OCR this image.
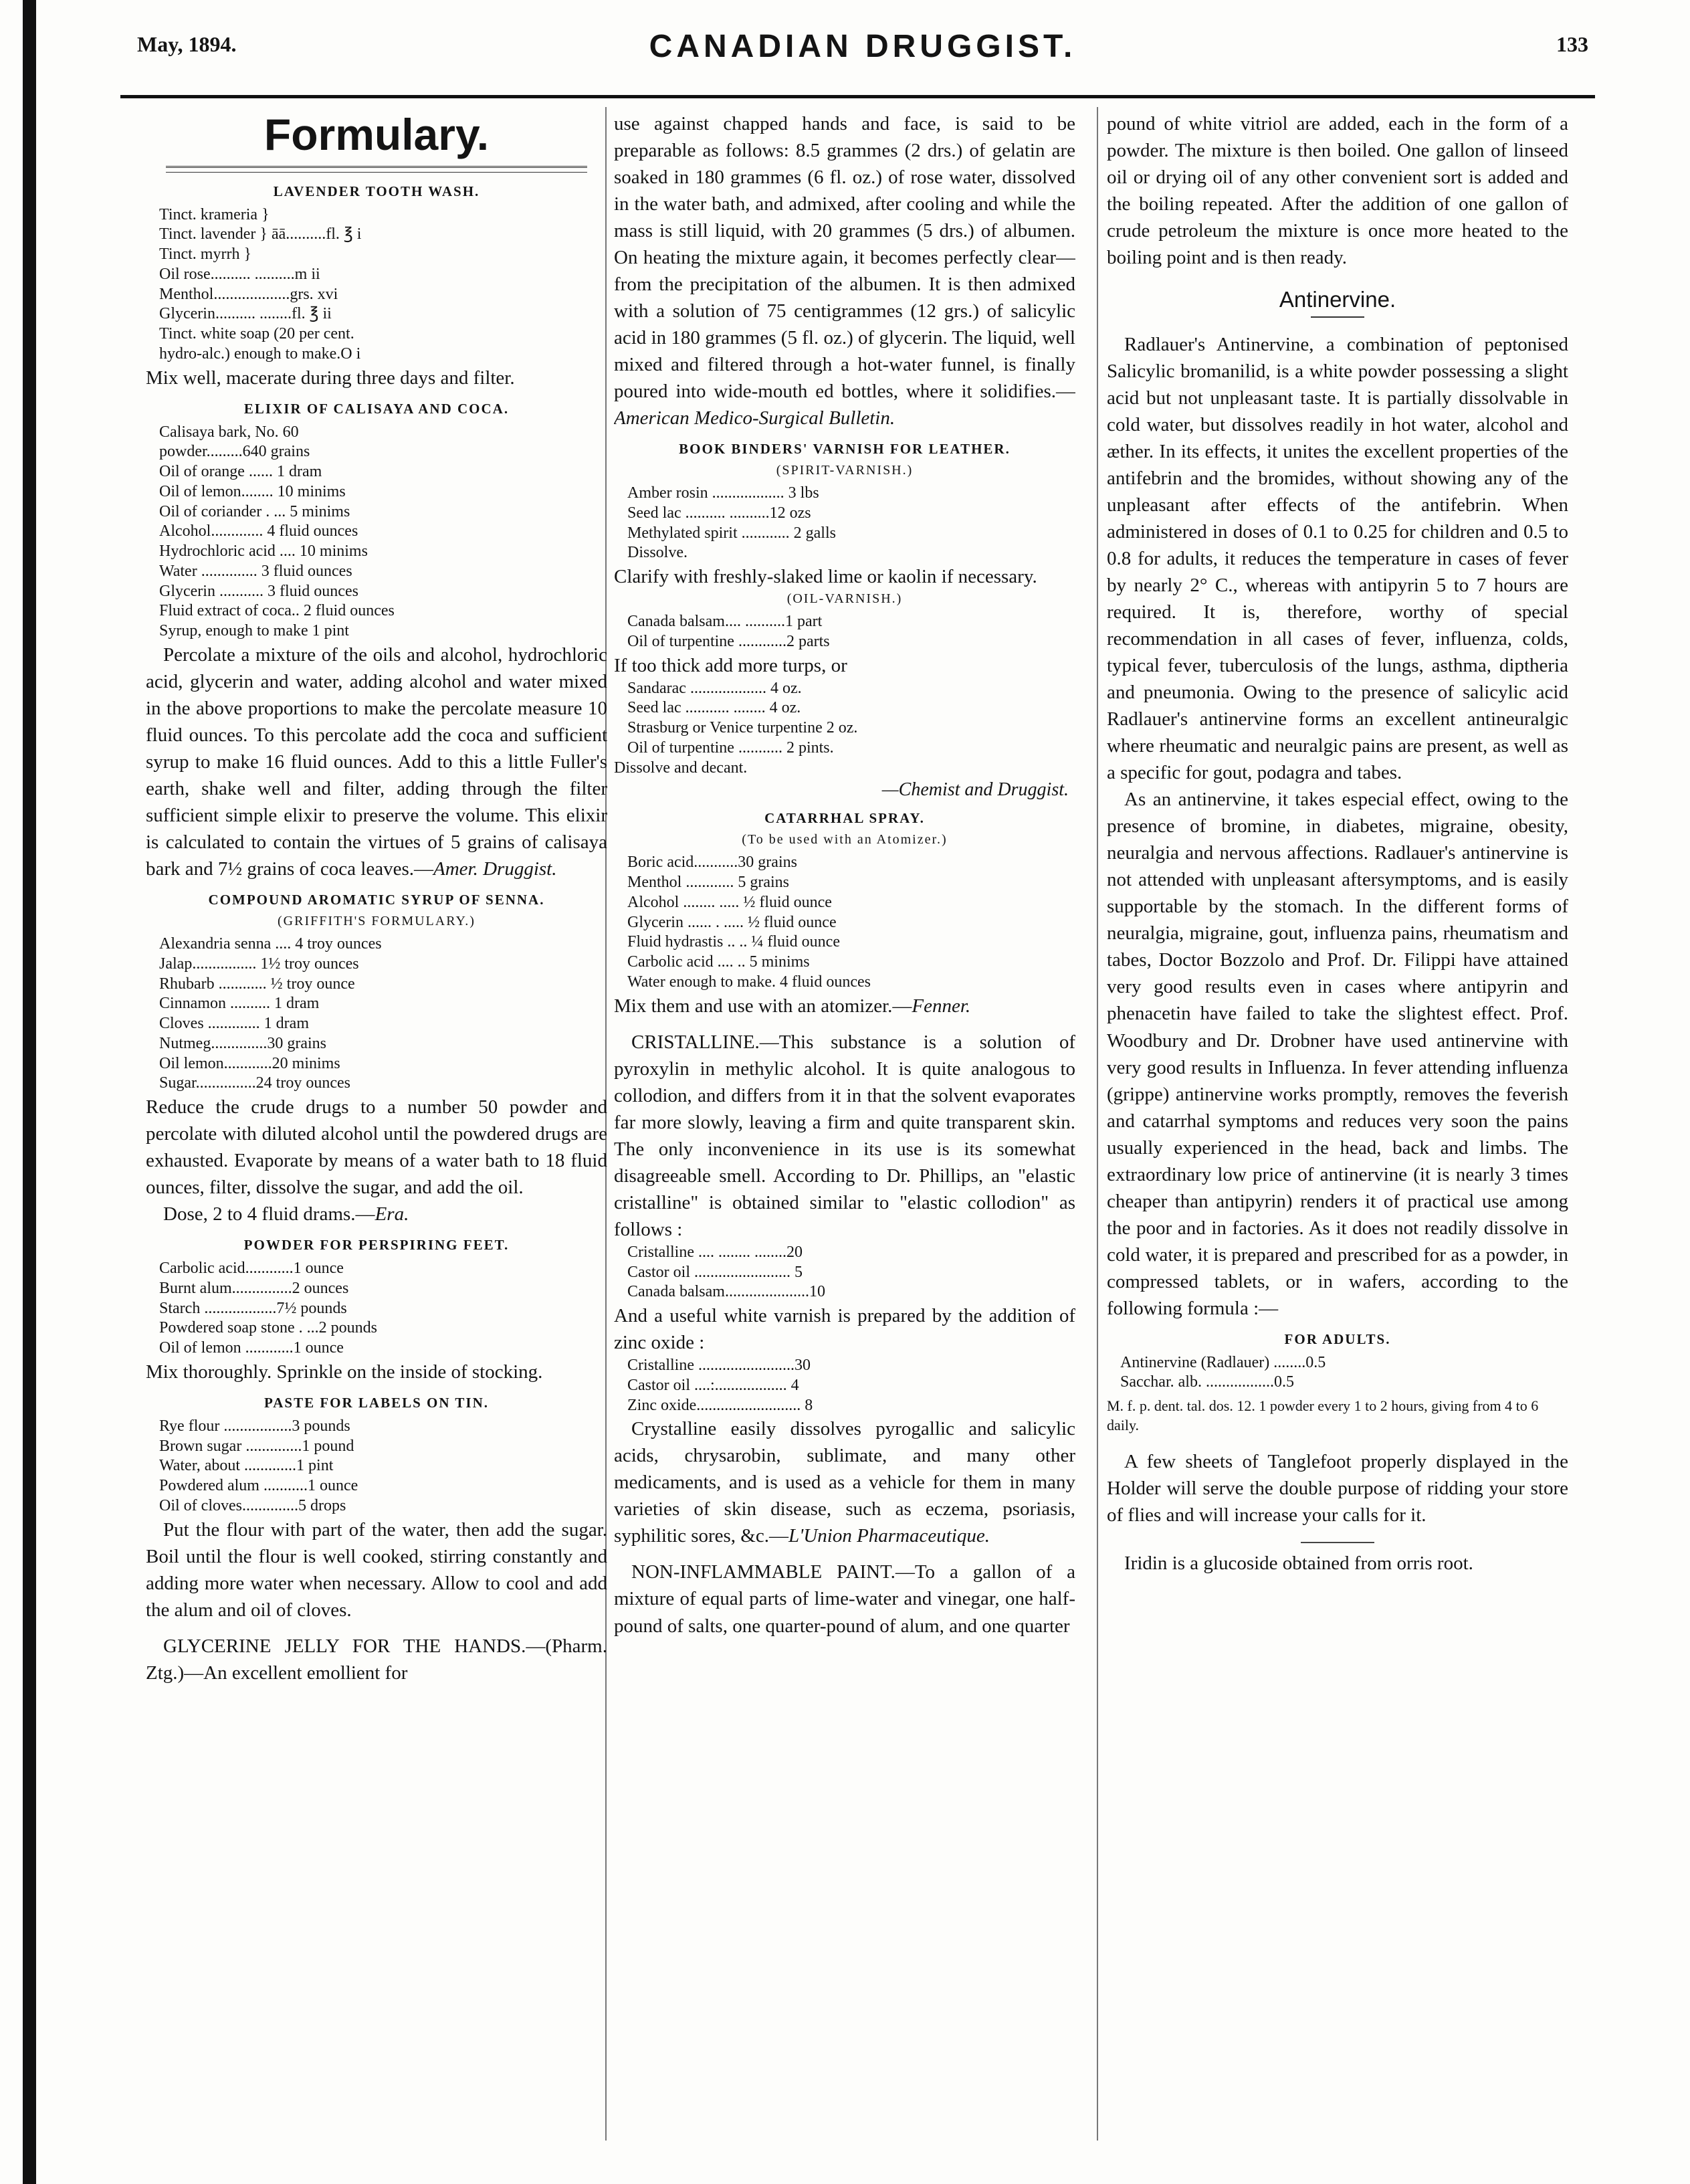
May, 1894.	CANADIAN DRUGGIST.	133
Formulary.
LAVENDER TOOTH WASH.
Tinct. krameria }
Tinct. lavender } āā..........fl. ℥ i
Tinct. myrrh }
Oil rose.......... ..........m ii
Menthol...................grs. xvi
Glycerin.......... ........fl. ℥ ii
Tinct. white soap (20 per cent.
hydro-alc.) enough to make.O i

Mix well, macerate during three days and filter.

ELIXIR OF CALISAYA AND COCA.
Calisaya bark, No. 60
powder.........640 grains
Oil of orange ...... 1 dram
Oil of lemon........ 10 minims
Oil of coriander . ... 5 minims
Alcohol............. 4 fluid ounces
Hydrochloric acid .... 10 minims
Water .............. 3 fluid ounces
Glycerin ........... 3 fluid ounces
Fluid extract of coca.. 2 fluid ounces
Syrup, enough to make 1 pint

Percolate a mixture of the oils and alcohol, hydrochloric acid, glycerin and water, adding alcohol and water mixed in the above proportions to make the percolate measure 10 fluid ounces. To this percolate add the coca and sufficient syrup to make 16 fluid ounces. Add to this a little Fuller's earth, shake well and filter, adding through the filter sufficient simple elixir to preserve the volume. This elixir is calculated to contain the virtues of 5 grains of calisaya bark and 7½ grains of coca leaves.—Amer. Druggist.

COMPOUND AROMATIC SYRUP OF SENNA.
(GRIFFITH'S FORMULARY.)
Alexandria senna .... 4 troy ounces
Jalap................ 1½ troy ounces
Rhubarb ............ ½ troy ounce
Cinnamon .......... 1 dram
Cloves ............. 1 dram
Nutmeg..............30 grains
Oil lemon............20 minims
Sugar...............24 troy ounces

Reduce the crude drugs to a number 50 powder and percolate with diluted alcohol until the powdered drugs are exhausted. Evaporate by means of a water bath to 18 fluid ounces, filter, dissolve the sugar, and add the oil.

Dose, 2 to 4 fluid drams.—Era.

POWDER FOR PERSPIRING FEET.
Carbolic acid............1 ounce
Burnt alum...............2 ounces
Starch ..................7½ pounds
Powdered soap stone . ...2 pounds
Oil of lemon ............1 ounce

Mix thoroughly. Sprinkle on the inside of stocking.

PASTE FOR LABELS ON TIN.
Rye flour .................3 pounds
Brown sugar ..............1 pound
Water, about .............1 pint
Powdered alum ...........1 ounce
Oil of cloves..............5 drops

Put the flour with part of the water, then add the sugar. Boil until the flour is well cooked, stirring constantly and adding more water when necessary. Allow to cool and add the alum and oil of cloves.

GLYCERINE JELLY FOR THE HANDS.—(Pharm. Ztg.)—An excellent emollient for

use against chapped hands and face, is said to be preparable as follows: 8.5 grammes (2 drs.) of gelatin are soaked in 180 grammes (6 fl. oz.) of rose water, dissolved in the water bath, and admixed, after cooling and while the mass is still liquid, with 20 grammes (5 drs.) of albumen. On heating the mixture again, it becomes perfectly clear—from the precipitation of the albumen. It is then admixed with a solution of 75 centigrammes (12 grs.) of salicylic acid in 180 grammes (5 fl. oz.) of glycerin. The liquid, well mixed and filtered through a hot-water funnel, is finally poured into wide-mouth ed bottles, where it solidifies.—American Medico-Surgical Bulletin.

BOOK BINDERS' VARNISH FOR LEATHER.
(SPIRIT-VARNISH.)
Amber rosin .................. 3 lbs
Seed lac .......... ..........12 ozs
Methylated spirit ............ 2 galls
Dissolve.

Clarify with freshly-slaked lime or kaolin if necessary.

(OIL-VARNISH.)
Canada balsam.... ..........1 part
Oil of turpentine ............2 parts

If too thick add more turps, or

Sandarac ................... 4 oz.
Seed lac ........... ........ 4 oz.
Strasburg or Venice turpentine 2 oz.
Oil of turpentine ........... 2 pints.
Dissolve and decant.
—Chemist and Druggist.
CATARRHAL SPRAY.
(To be used with an Atomizer.)
Boric acid...........30 grains
Menthol ............ 5 grains
Alcohol ........ ..... ½ fluid ounce
Glycerin ...... . ..... ½ fluid ounce
Fluid hydrastis .. .. ¼ fluid ounce
Carbolic acid .... .. 5 minims
Water enough to make. 4 fluid ounces

Mix them and use with an atomizer.—Fenner.

CRISTALLINE.—This substance is a solution of pyroxylin in methylic alcohol. It is quite analogous to collodion, and differs from it in that the solvent evaporates far more slowly, leaving a firm and quite transparent skin. The only inconvenience in its use is its somewhat disagreeable smell. According to Dr. Phillips, an "elastic cristalline" is obtained similar to "elastic collodion" as follows :

Cristalline .... ........ ........20
Castor oil ........................ 5
Canada balsam.....................10

And a useful white varnish is prepared by the addition of zinc oxide :

Cristalline ........................30
Castor oil ....:.................. 4
Zinc oxide.......................... 8

Crystalline easily dissolves pyrogallic and salicylic acids, chrysarobin, sublimate, and many other medicaments, and is used as a vehicle for them in many varieties of skin disease, such as eczema, psoriasis, syphilitic sores, &c.—L'Union Pharmaceutique.

NON-INFLAMMABLE PAINT.—To a gallon of a mixture of equal parts of lime-water and vinegar, one half-pound of salts, one quarter-pound of alum, and one quarter

pound of white vitriol are added, each in the form of a powder. The mixture is then boiled. One gallon of linseed oil or drying oil of any other convenient sort is added and the boiling repeated. After the addition of one gallon of crude petroleum the mixture is once more heated to the boiling point and is then ready.

Antinervine.

Radlauer's Antinervine, a combination of peptonised Salicylic bromanilid, is a white powder possessing a slight acid but not unpleasant taste. It is partially dissolvable in cold water, but dissolves readily in hot water, alcohol and æther. In its effects, it unites the excellent properties of the antifebrin and the bromides, without showing any of the unpleasant after effects of the antifebrin. When administered in doses of 0.1 to 0.25 for children and 0.5 to 0.8 for adults, it reduces the temperature in cases of fever by nearly 2° C., whereas with antipyrin 5 to 7 hours are required. It is, therefore, worthy of special recommendation in all cases of fever, influenza, colds, typical fever, tuberculosis of the lungs, asthma, diptheria and pneumonia. Owing to the presence of salicylic acid Radlauer's antinervine forms an excellent antineuralgic where rheumatic and neuralgic pains are present, as well as a specific for gout, podagra and tabes.

As an antinervine, it takes especial effect, owing to the presence of bromine, in diabetes, migraine, obesity, neuralgia and nervous affections. Radlauer's antinervine is not attended with unpleasant aftersymptoms, and is easily supportable by the stomach. In the different forms of neuralgia, migraine, gout, influenza pains, rheumatism and tabes, Doctor Bozzolo and Prof. Dr. Filippi have attained very good results even in cases where antipyrin and phenacetin have failed to take the slightest effect. Prof. Woodbury and Dr. Drobner have used antinervine with very good results in Influenza. In fever attending influenza (grippe) antinervine works promptly, removes the feverish and catarrhal symptoms and reduces very soon the pains usually experienced in the head, back and limbs. The extraordinary low price of antinervine (it is nearly 3 times cheaper than antipyrin) renders it of practical use among the poor and in factories. As it does not readily dissolve in cold water, it is prepared and prescribed for as a powder, in compressed tablets, or in wafers, according to the following formula :—

FOR ADULTS.
Antinervine (Radlauer) ........0.5
Sacchar. alb. .................0.5
M. f. p. dent. tal. dos. 12. 1 powder every 1 to 2 hours, giving from 4 to 6 daily.

A few sheets of Tanglefoot properly displayed in the Holder will serve the double purpose of ridding your store of flies and will increase your calls for it.

Iridin is a glucoside obtained from orris root.
